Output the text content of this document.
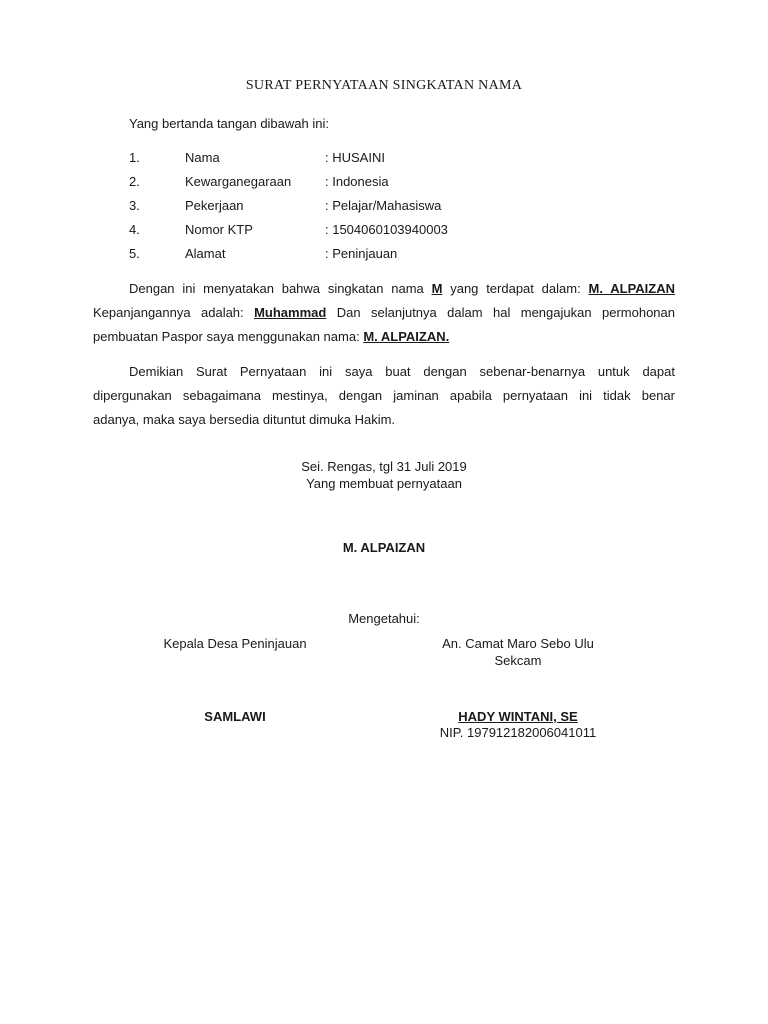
SURAT PERNYATAAN SINGKATAN NAMA
Yang bertanda tangan dibawah ini:
1.	Nama	: HUSAINI
2.	Kewarganegaraan	: Indonesia
3.	Pekerjaan	: Pelajar/Mahasiswa
4.	Nomor KTP	: 1504060103940003
5.	Alamat	: Peninjauan
Dengan ini menyatakan bahwa singkatan nama M yang terdapat dalam: M. ALPAIZAN
Kepanjangannya adalah: Muhammad Dan selanjutnya dalam hal mengajukan permohonan
pembuatan Paspor saya menggunakan nama: M. ALPAIZAN.
Demikian Surat Pernyataan ini saya buat dengan sebenar-benarnya untuk dapat
dipergunakan sebagaimana mestinya, dengan jaminan apabila pernyataan ini tidak benar
adanya, maka saya bersedia dituntut dimuka Hakim.
Sei. Rengas, tgl 31 Juli 2019
Yang membuat pernyataan
M. ALPAIZAN
Mengetahui:
Kepala Desa Peninjauan	An. Camat Maro Sebo Ulu
Sekcam
SAMLAWI	HADY WINTANI, SE
NIP. 197912182006041011
